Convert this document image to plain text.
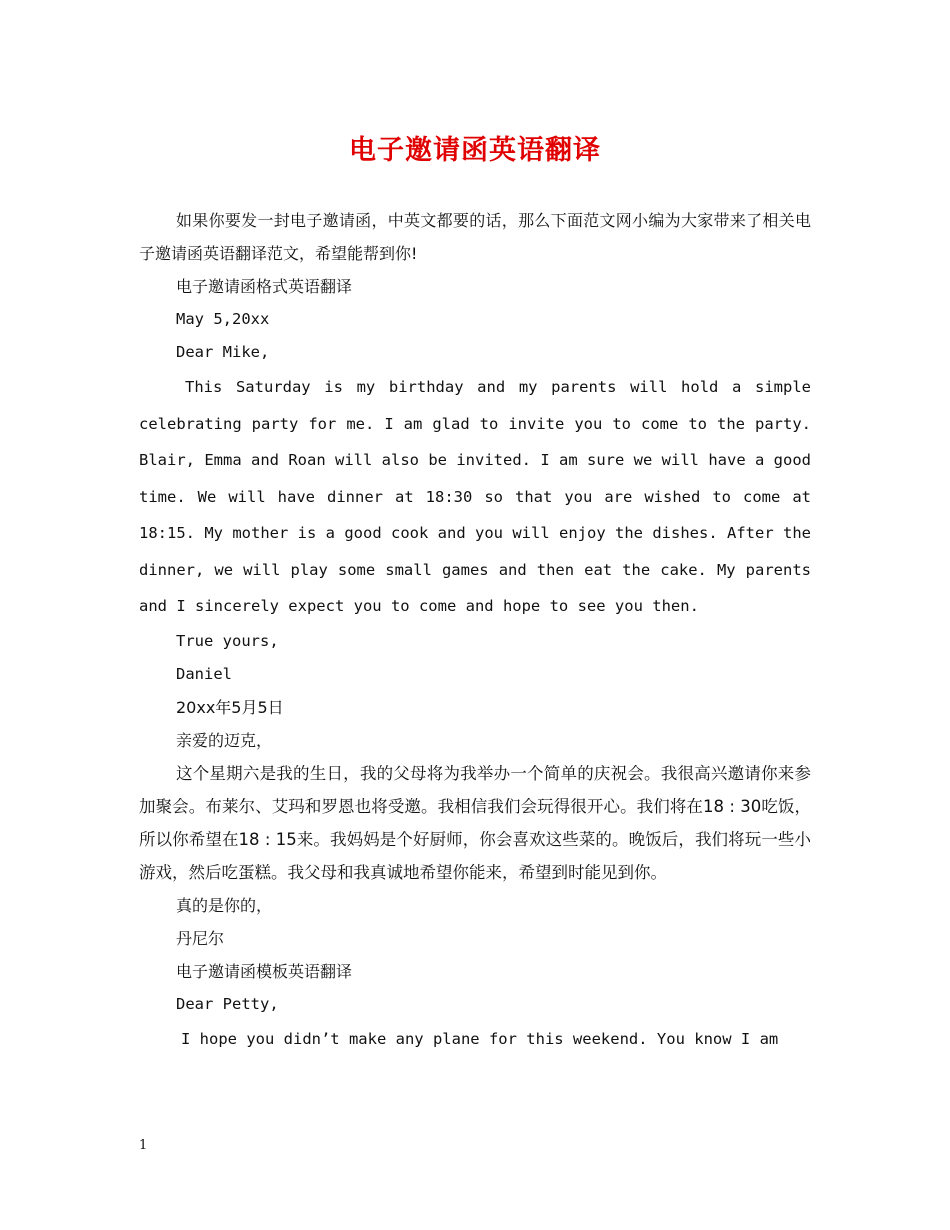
电子邀请函英语翻译

如果你要发一封电子邀请函，中英文都要的话，那么下面范文网小编为大家带来了相关电子邀请函英语翻译范文，希望能帮到你!

电子邀请函格式英语翻译

May 5,20xx

Dear Mike,

This Saturday is my birthday and my parents will hold a simple celebrating party for me. I am glad to invite you to come to the party. Blair, Emma and Roan will also be invited. I am sure we will have a good time. We will have dinner at 18:30 so that you are wished to come at 18:15. My mother is a good cook and you will enjoy the dishes. After the dinner, we will play some small games and then eat the cake. My parents and I sincerely expect you to come and hope to see you then.

True yours,

Daniel

20xx年5月5日

亲爱的迈克，

这个星期六是我的生日，我的父母将为我举办一个简单的庆祝会。我很高兴邀请你来参加聚会。布莱尔、艾玛和罗恩也将受邀。我相信我们会玩得很开心。我们将在18 : 30吃饭，所以你希望在18 : 15来。我妈妈是个好厨师，你会喜欢这些菜的。晚饭后，我们将玩一些小游戏，然后吃蛋糕。我父母和我真诚地希望你能来，希望到时能见到你。

真的是你的，

丹尼尔

电子邀请函模板英语翻译

Dear Petty,

I hope you didn’t make any plane for this weekend. You know I am

1
